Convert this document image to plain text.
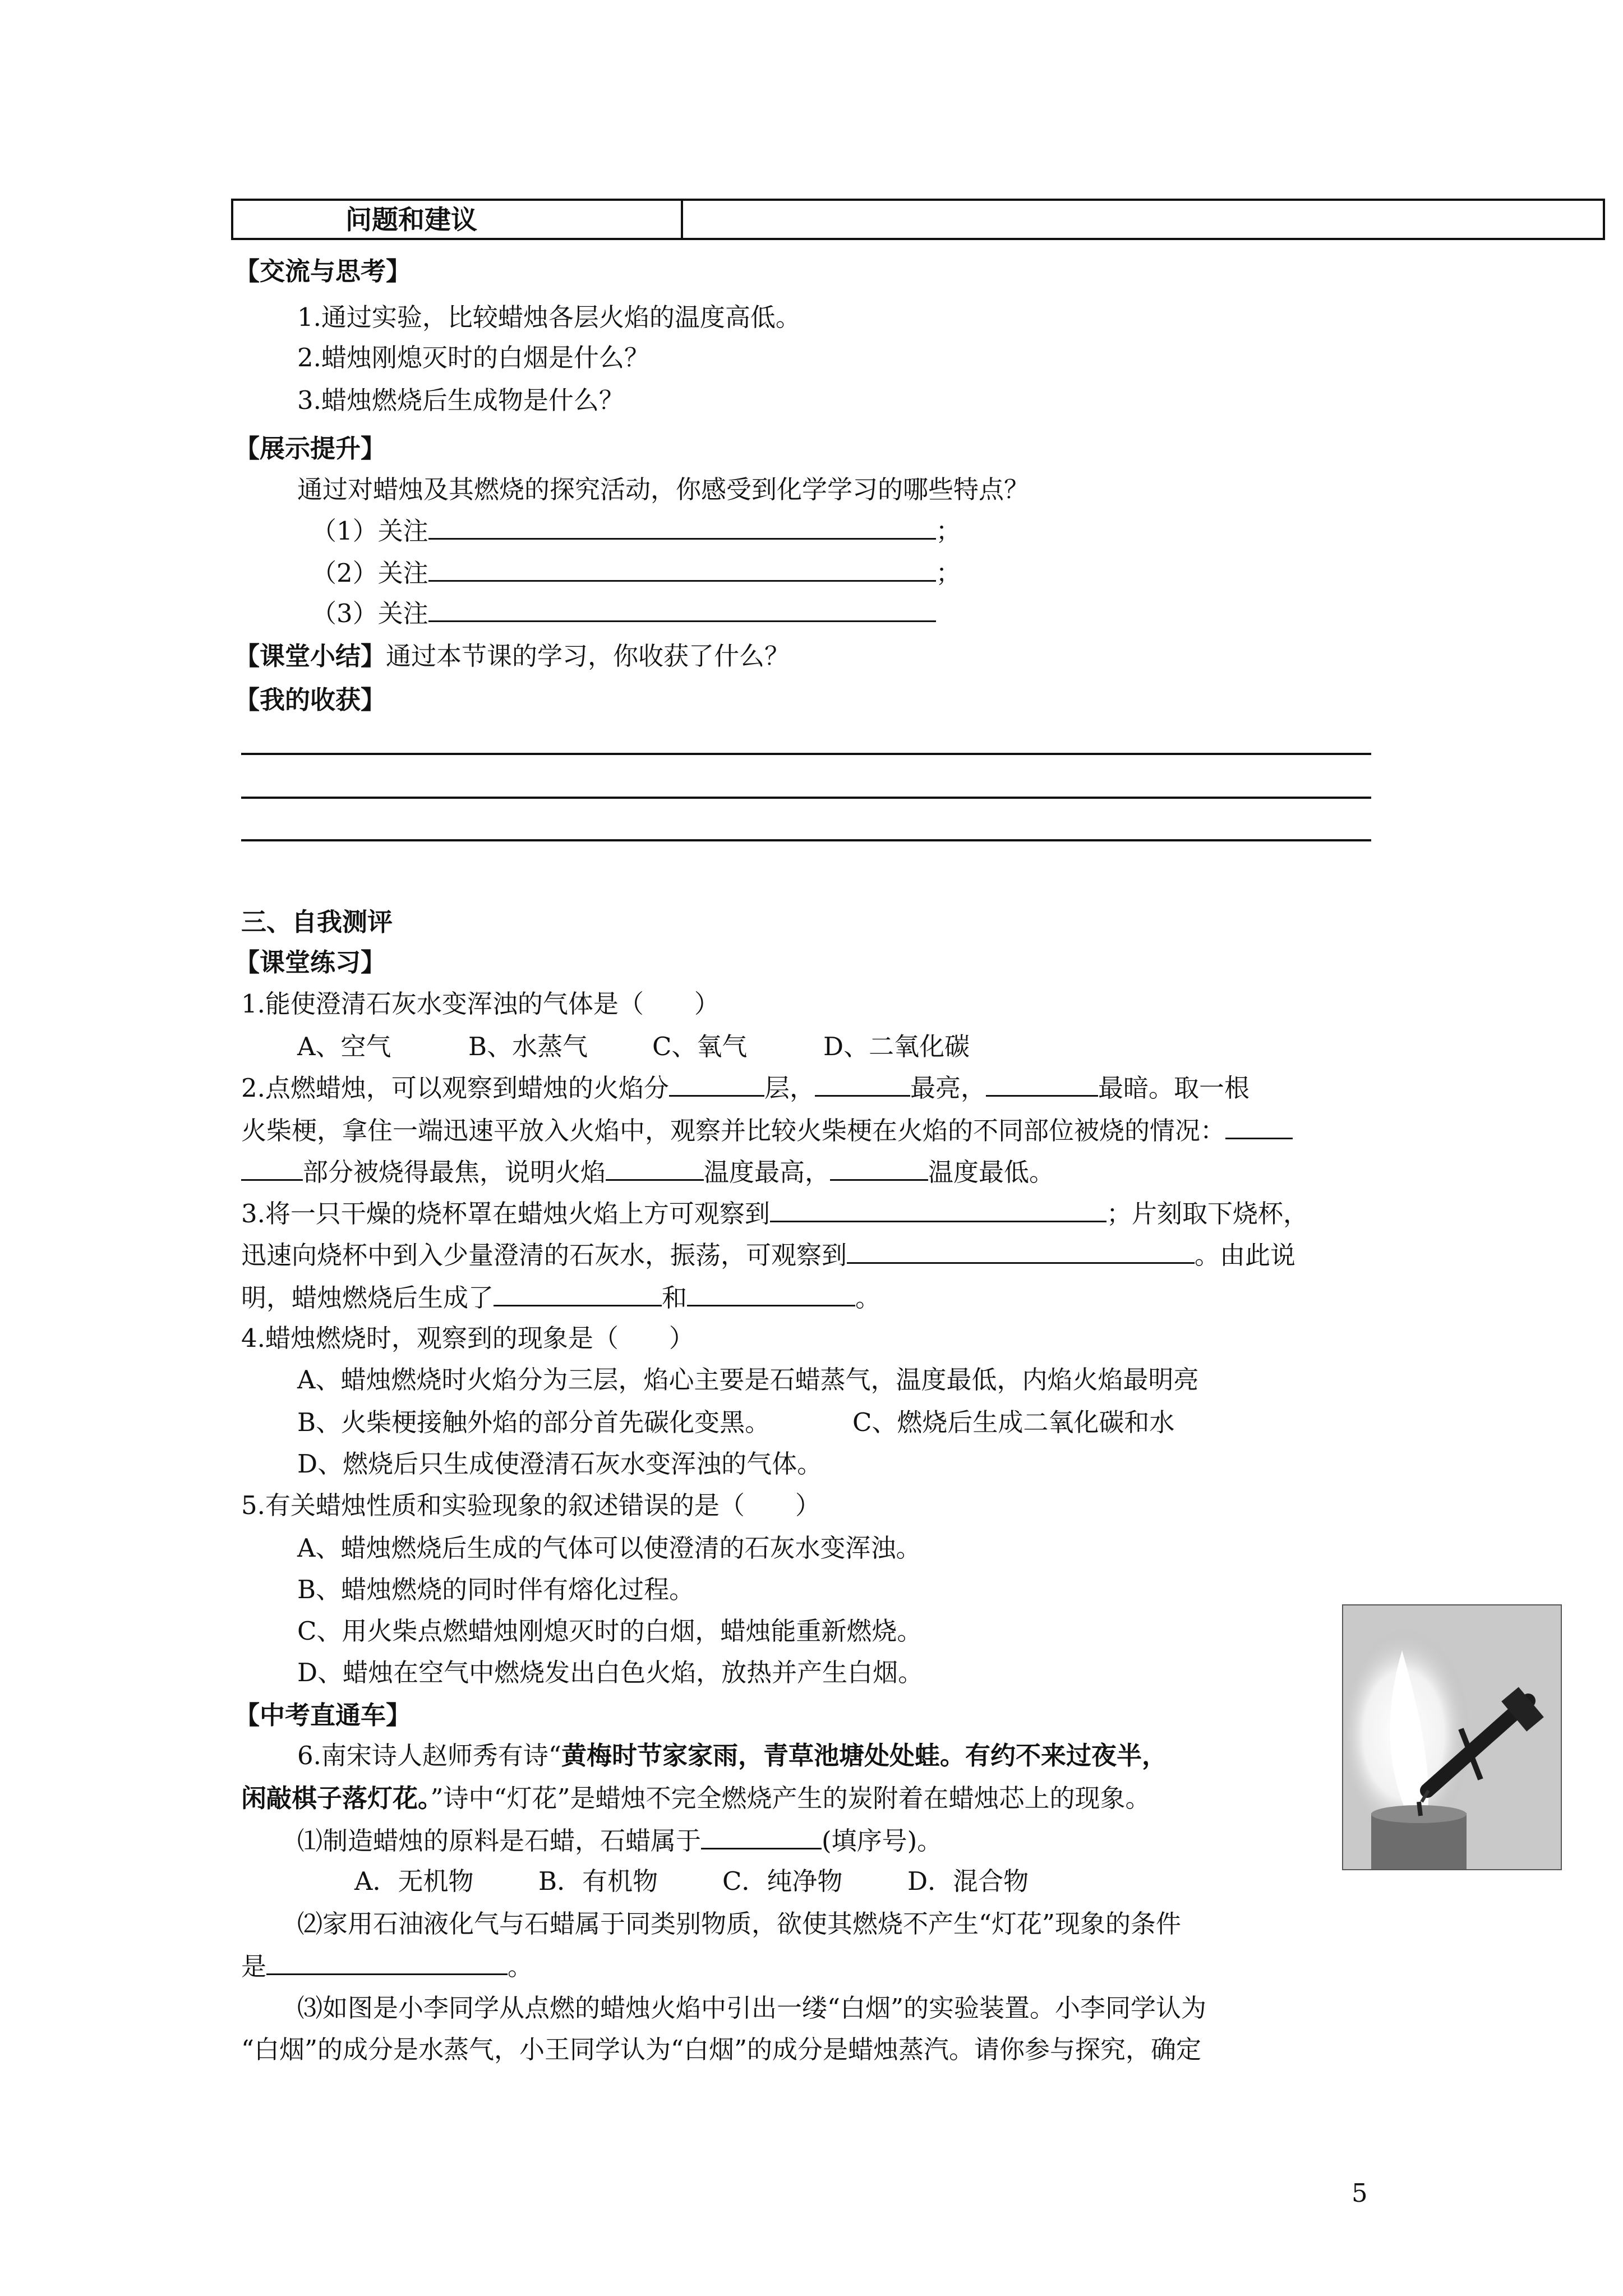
问题和建议
【交流与思考】
1.通过实验，比较蜡烛各层火焰的温度高低。
2.蜡烛刚熄灭时的白烟是什么？
3.蜡烛燃烧后生成物是什么？
【展示提升】
通过对蜡烛及其燃烧的探究活动，你感受到化学学习的哪些特点？
（1）关注	；
（2）关注	；
（3）关注
【课堂小结】通过本节课的学习，你收获了什么？
【我的收获】
三、自我测评
【课堂练习】
1.能使澄清石灰水变浑浊的气体是（　　）
A、空气	B、水蒸气	C、氧气	D、二氧化碳
2.点燃蜡烛，可以观察到蜡烛的火焰分	层，	最亮，	最暗。取一根
火柴梗，拿住一端迅速平放入火焰中，观察并比较火柴梗在火焰的不同部位被烧的情况：
部分被烧得最焦，说明火焰	温度最高，	温度最低。
3.将一只干燥的烧杯罩在蜡烛火焰上方可观察到	；片刻取下烧杯，
迅速向烧杯中到入少量澄清的石灰水，振荡，可观察到	。由此说
明，蜡烛燃烧后生成了	和	。
4.蜡烛燃烧时，观察到的现象是（　　）
A、蜡烛燃烧时火焰分为三层，焰心主要是石蜡蒸气，温度最低，内焰火焰最明亮
B、火柴梗接触外焰的部分首先碳化变黑。	C、燃烧后生成二氧化碳和水
D、燃烧后只生成使澄清石灰水变浑浊的气体。
5.有关蜡烛性质和实验现象的叙述错误的是（　　）
A、蜡烛燃烧后生成的气体可以使澄清的石灰水变浑浊。
B、蜡烛燃烧的同时伴有熔化过程。
C、用火柴点燃蜡烛刚熄灭时的白烟，蜡烛能重新燃烧。
D、蜡烛在空气中燃烧发出白色火焰，放热并产生白烟。
【中考直通车】
6.南宋诗人赵师秀有诗“黄梅时节家家雨，青草池塘处处蛙。有约不来过夜半，
闲敲棋子落灯花。”诗中“灯花”是蜡烛不完全燃烧产生的炭附着在蜡烛芯上的现象。
⑴制造蜡烛的原料是石蜡，石蜡属于	(填序号)。
A．无机物	B．有机物	C．纯净物	D．混合物
⑵家用石油液化气与石蜡属于同类别物质，欲使其燃烧不产生“灯花”现象的条件
是	。
⑶如图是小李同学从点燃的蜡烛火焰中引出一缕“白烟”的实验装置。小李同学认为
“白烟”的成分是水蒸气，小王同学认为“白烟”的成分是蜡烛蒸汽。请你参与探究，确定
5
